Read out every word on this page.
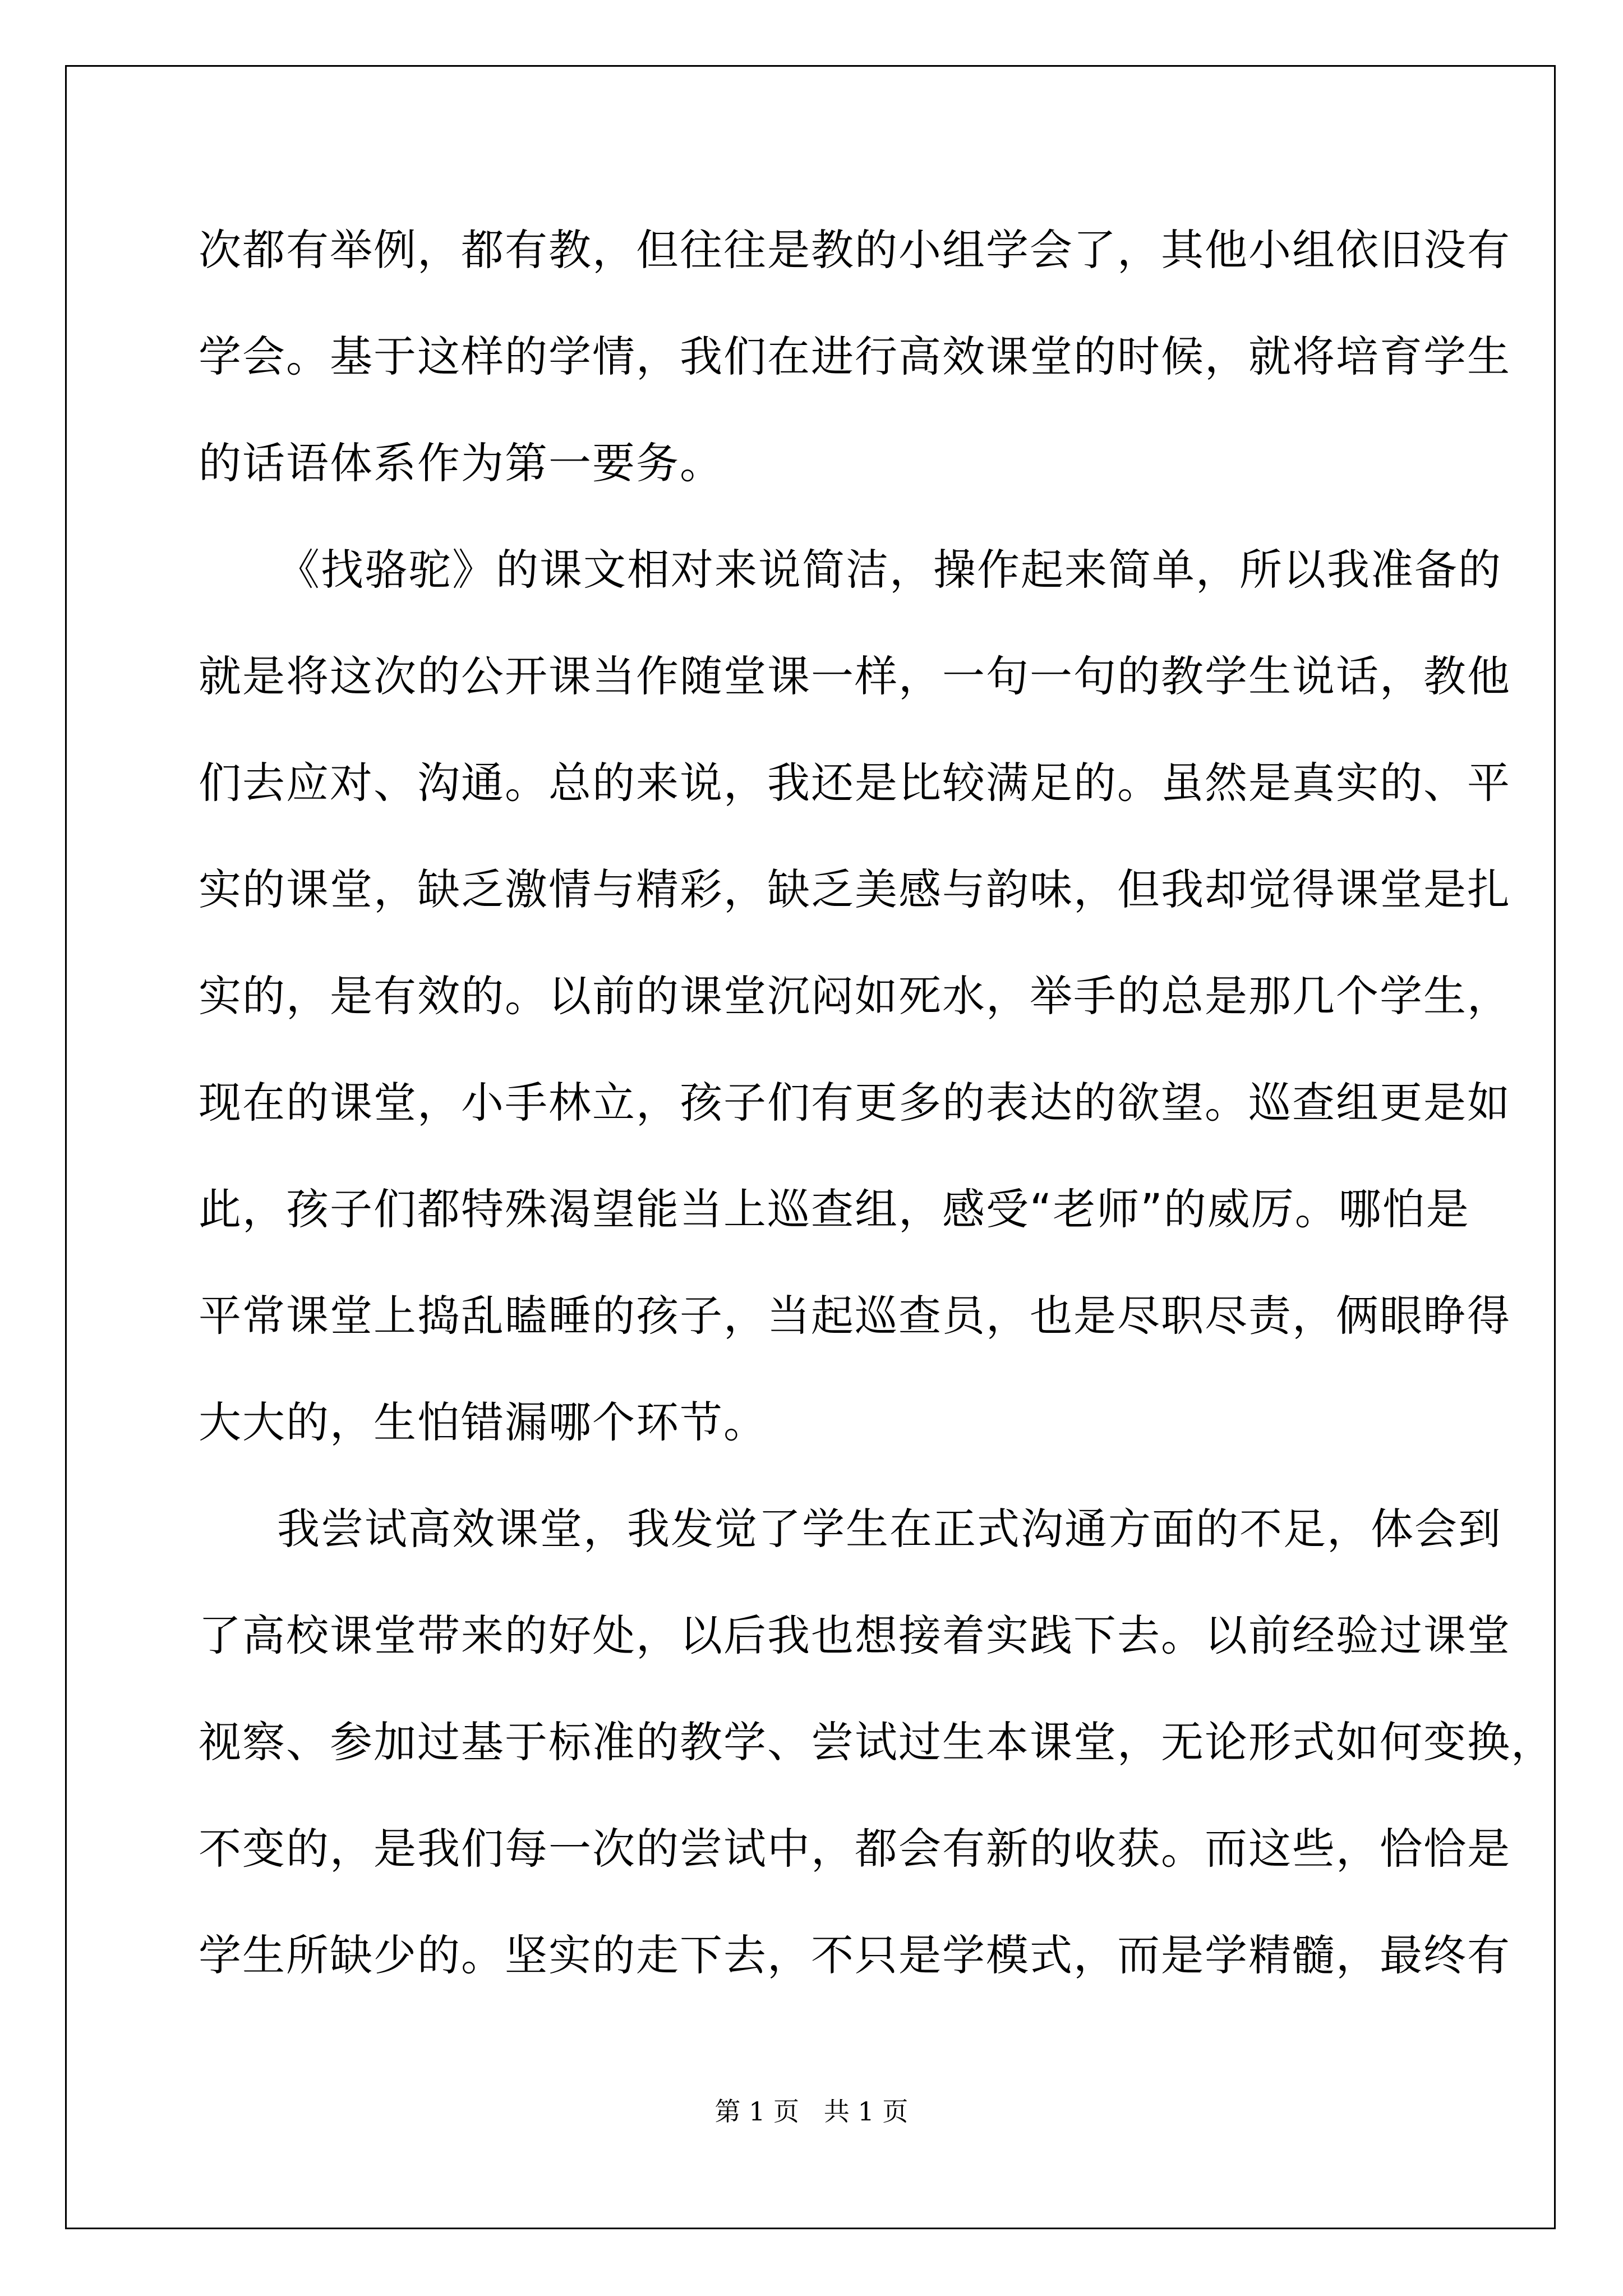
次都有举例，都有教，但往往是教的小组学会了，其他小组依旧没有
学会。基于这样的学情，我们在进行高效课堂的时候，就将培育学生
的话语体系作为第一要务。
《找骆驼》的课文相对来说简洁，操作起来简单，所以我准备的
就是将这次的公开课当作随堂课一样，一句一句的教学生说话，教他
们去应对、沟通。总的来说，我还是比较满足的。虽然是真实的、平
实的课堂，缺乏激情与精彩，缺乏美感与韵味，但我却觉得课堂是扎
实的，是有效的。以前的课堂沉闷如死水，举手的总是那几个学生，
现在的课堂，小手林立，孩子们有更多的表达的欲望。巡查组更是如
此，孩子们都特殊渴望能当上巡查组，感受“老师”的威厉。哪怕是
平常课堂上捣乱瞌睡的孩子，当起巡查员，也是尽职尽责，俩眼睁得
大大的，生怕错漏哪个环节。
我尝试高效课堂，我发觉了学生在正式沟通方面的不足，体会到
了高校课堂带来的好处，以后我也想接着实践下去。以前经验过课堂
视察、参加过基于标准的教学、尝试过生本课堂，无论形式如何变换，
不变的，是我们每一次的尝试中，都会有新的收获。而这些，恰恰是
学生所缺少的。坚实的走下去，不只是学模式，而是学精髓，最终有
第 1 页   共 1 页
